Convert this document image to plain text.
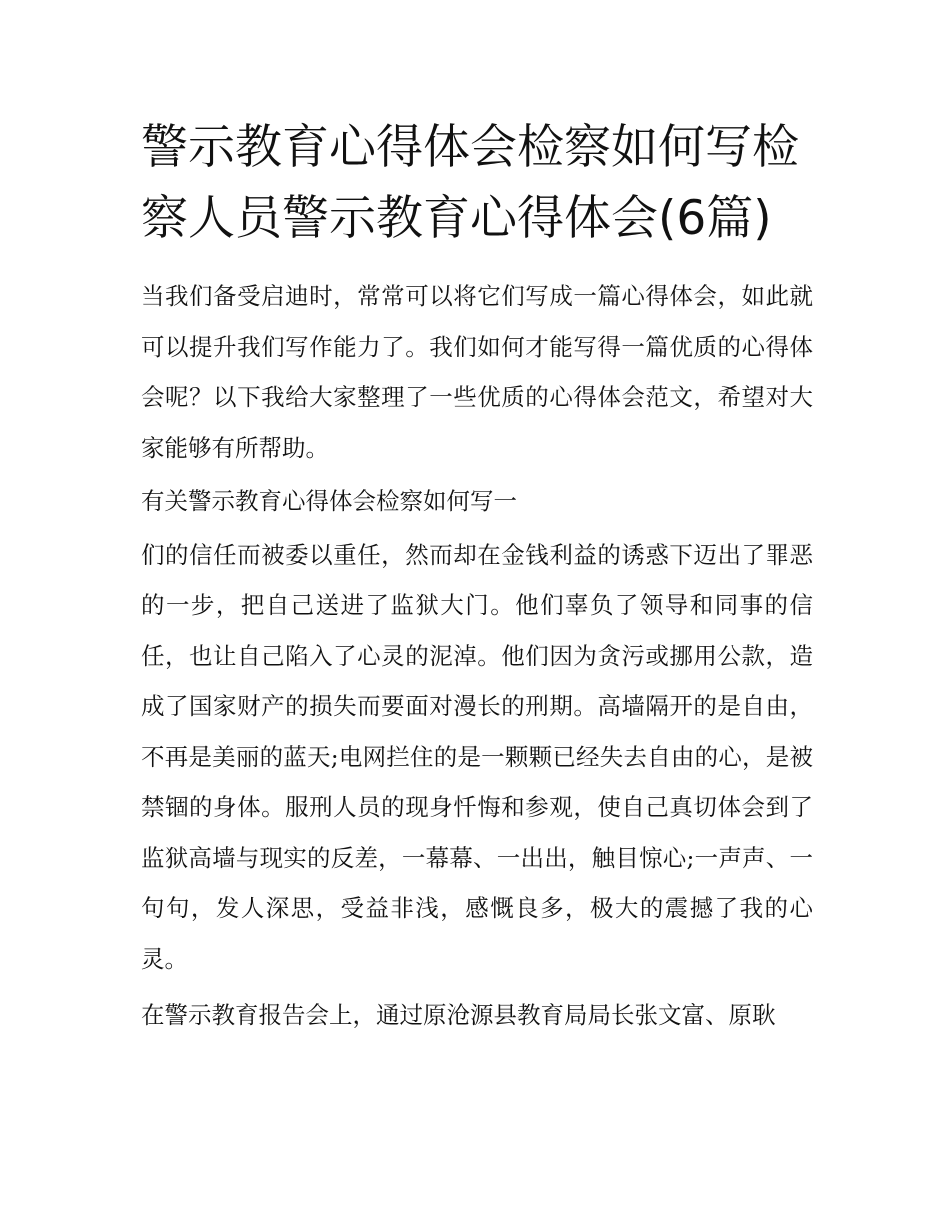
警示教育心得体会检察如何写检察人员警示教育心得体会(6篇)

当我们备受启迪时，常常可以将它们写成一篇心得体会，如此就可以提升我们写作能力了。我们如何才能写得一篇优质的心得体会呢？以下我给大家整理了一些优质的心得体会范文，希望对大家能够有所帮助。

有关警示教育心得体会检察如何写一

们的信任而被委以重任，然而却在金钱利益的诱惑下迈出了罪恶的一步，把自己送进了监狱大门。他们辜负了领导和同事的信任，也让自己陷入了心灵的泥淖。他们因为贪污或挪用公款，造成了国家财产的损失而要面对漫长的刑期。高墙隔开的是自由，不再是美丽的蓝天;电网拦住的是一颗颗已经失去自由的心，是被禁锢的身体。服刑人员的现身忏悔和参观，使自己真切体会到了监狱高墙与现实的反差，一幕幕、一出出，触目惊心;一声声、一句句，发人深思，受益非浅，感慨良多，极大的震撼了我的心灵。

在警示教育报告会上，通过原沧源县教育局局长张文富、原耿
